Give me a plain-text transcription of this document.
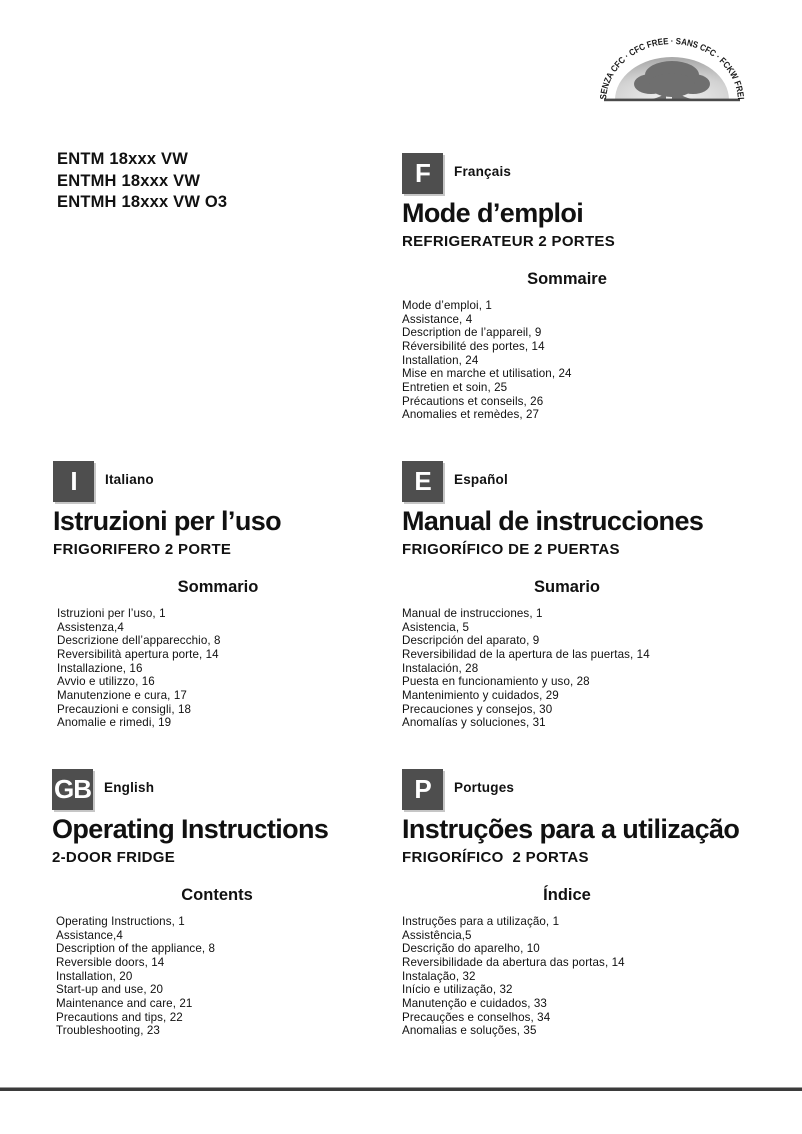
SENZA CFC · CFC FREE · SANS CFC · FCKW FREI
ENTM 18xxx VW
ENTMH 18xxx VW
ENTMH 18xxx VW O3
F Français
Mode d’emploi
REFRIGERATEUR 2 PORTES
Sommaire
Mode d’emploi, 1
Assistance, 4
Description de l’appareil, 9
Réversibilité des portes, 14
Installation, 24
Mise en marche et utilisation, 24
Entretien et soin, 25
Précautions et conseils, 26
Anomalies et remèdes, 27
I Italiano
Istruzioni per l’uso
FRIGORIFERO 2 PORTE
Sommario
Istruzioni per l’uso, 1
Assistenza,4
Descrizione dell’apparecchio, 8
Reversibilità apertura porte, 14
Installazione, 16
Avvio e utilizzo, 16
Manutenzione e cura, 17
Precauzioni e consigli, 18
Anomalie e rimedi, 19
E Español
Manual de instrucciones
FRIGORÍFICO DE 2 PUERTAS
Sumario
Manual de instrucciones, 1
Asistencia, 5
Descripción del aparato, 9
Reversibilidad de la apertura de las puertas, 14
Instalación, 28
Puesta en funcionamiento y uso, 28
Mantenimiento y cuidados, 29
Precauciones y consejos, 30
Anomalías y soluciones, 31
GB English
Operating Instructions
2-DOOR FRIDGE
Contents
Operating Instructions, 1
Assistance,4
Description of the appliance, 8
Reversible doors, 14
Installation, 20
Start-up and use, 20
Maintenance and care, 21
Precautions and tips, 22
Troubleshooting, 23
P Portuges
Instruções para a utilização
FRIGORÍFICO  2 PORTAS
Índice
Instruções para a utilização, 1
Assistência,5
Descrição do aparelho, 10
Reversibilidade da abertura das portas, 14
Instalação, 32
Início e utilização, 32
Manutenção e cuidados, 33
Precauções e conselhos, 34
Anomalias e soluções, 35
